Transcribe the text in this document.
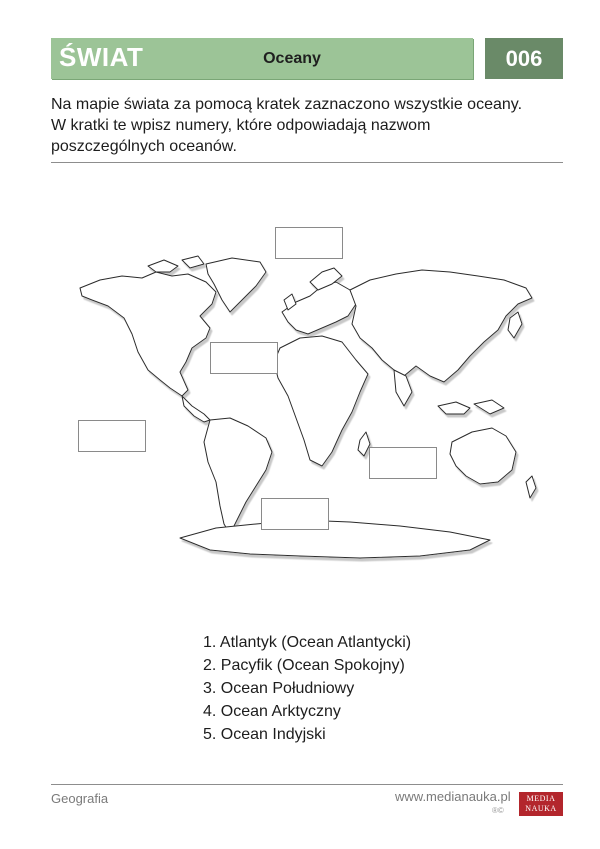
ŚWIAT	Oceany	006
Na mapie świata za pomocą kratek zaznaczono wszystkie oceany.
W kratki te wpisz numery, które odpowiadają nazwom
poszczególnych oceanów.
1. Atlantyk (Ocean Atlantycki)
2. Pacyfik (Ocean Spokojny)
3. Ocean Południowy
4. Ocean Arktyczny
5. Ocean Indyjski
Geografia	www.medianauka.pl
®©
MEDIA
NAUKA
